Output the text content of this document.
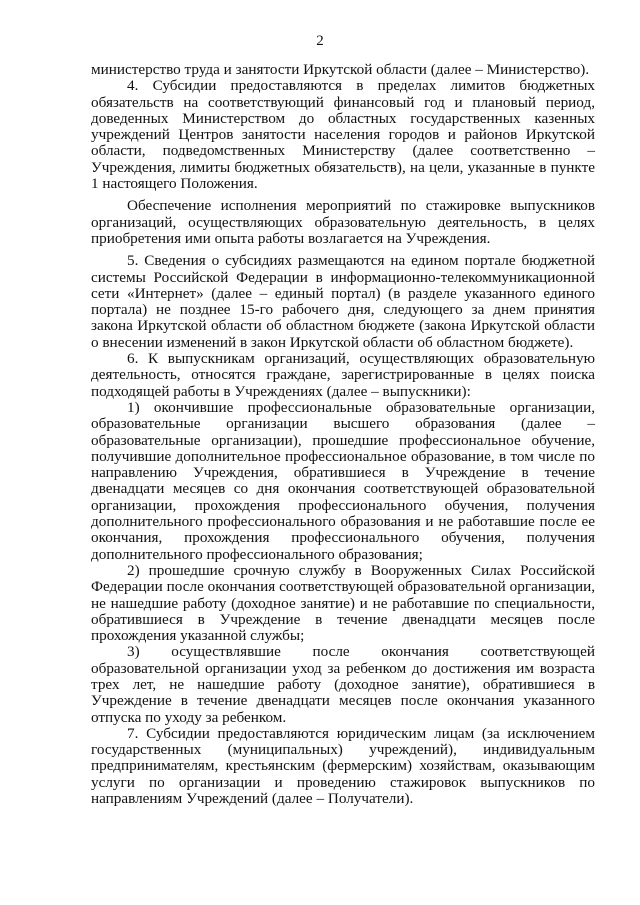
2

министерство труда и занятости Иркутской области (далее – Министерство).

4. Субсидии предоставляются в пределах лимитов бюджетных обязательств на соответствующий финансовый год и плановый период, доведенных Министерством до областных государственных казенных учреждений Центров занятости населения городов и районов Иркутской области, подведомственных Министерству (далее соответственно – Учреждения, лимиты бюджетных обязательств), на цели, указанные в пункте 1 настоящего Положения.

Обеспечение исполнения мероприятий по стажировке выпускников организаций, осуществляющих образовательную деятельность, в целях приобретения ими опыта работы возлагается на Учреждения.

5. Сведения о субсидиях размещаются на едином портале бюджетной системы Российской Федерации в информационно-телекоммуникационной сети «Интернет» (далее – единый портал) (в разделе указанного единого портала) не позднее 15-го рабочего дня, следующего за днем принятия закона Иркутской области об областном бюджете (закона Иркутской области о внесении изменений в закон Иркутской области об областном бюджете).

6. К выпускникам организаций, осуществляющих образовательную деятельность, относятся граждане, зарегистрированные в целях поиска подходящей работы в Учреждениях (далее – выпускники):

1) окончившие профессиональные образовательные организации, образовательные организации высшего образования (далее – образовательные организации), прошедшие профессиональное обучение, получившие дополнительное профессиональное образование, в том числе по направлению Учреждения, обратившиеся в Учреждение в течение двенадцати месяцев со дня окончания соответствующей образовательной организации, прохождения профессионального обучения, получения дополнительного профессионального образования и не работавшие после ее окончания, прохождения профессионального обучения, получения дополнительного профессионального образования;

2) прошедшие срочную службу в Вооруженных Силах Российской Федерации после окончания соответствующей образовательной организации, не нашедшие работу (доходное занятие) и не работавшие по специальности, обратившиеся в Учреждение в течение двенадцати месяцев после прохождения указанной службы;

3) осуществлявшие после окончания соответствующей образовательной организации уход за ребенком до достижения им возраста трех лет, не нашедшие работу (доходное занятие), обратившиеся в Учреждение в течение двенадцати месяцев после окончания указанного отпуска по уходу за ребенком.

7. Субсидии предоставляются юридическим лицам (за исключением государственных (муниципальных) учреждений), индивидуальным предпринимателям, крестьянским (фермерским) хозяйствам, оказывающим услуги по организации и проведению стажировок выпускников по направлениям Учреждений (далее – Получатели).
